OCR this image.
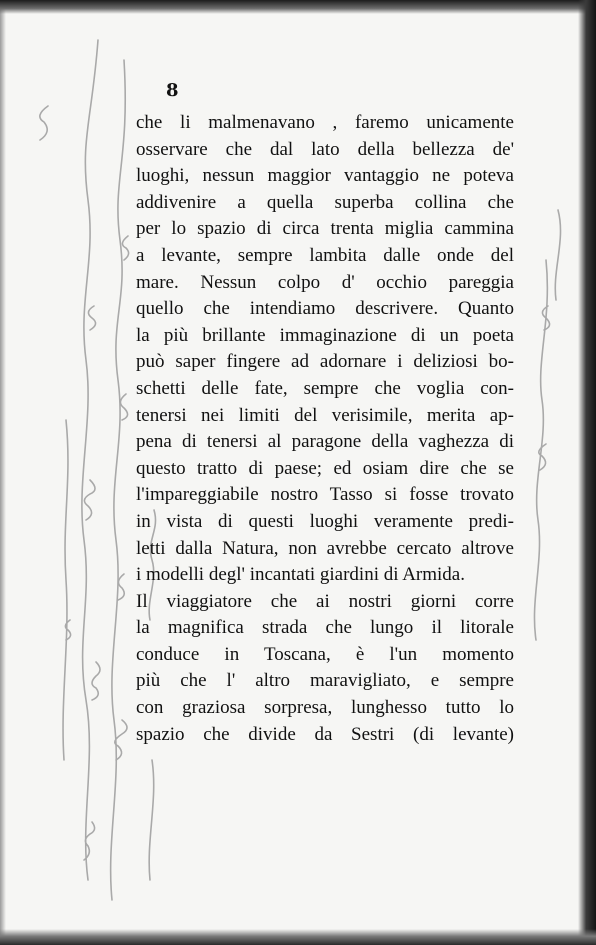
8
che li malmenavano , faremo unicamente
osservare che dal lato della bellezza de'
luoghi, nessun maggior vantaggio ne poteva
addivenire a quella superba collina che
per lo spazio di circa trenta miglia cammina
a levante, sempre lambita dalle onde del
mare. Nessun colpo d' occhio pareggia
quello che intendiamo descrivere. Quanto
la più brillante immaginazione di un poeta
può saper fingere ad adornare i deliziosi bo-
schetti delle fate, sempre che voglia con-
tenersi nei limiti del verisimile, merita ap-
pena di tenersi al paragone della vaghezza di
questo tratto di paese; ed osiam dire che se
l'impareggiabile nostro Tasso si fosse trovato
in vista di questi luoghi veramente predi-
letti dalla Natura, non avrebbe cercato altrove
i modelli degl' incantati giardini di Armida.
Il viaggiatore che ai nostri giorni corre
la magnifica strada che lungo il litorale
conduce in Toscana, è l'un momento
più che l' altro maravigliato, e sempre
con graziosa sorpresa, lunghesso tutto lo
spazio che divide da Sestri (di levante)
